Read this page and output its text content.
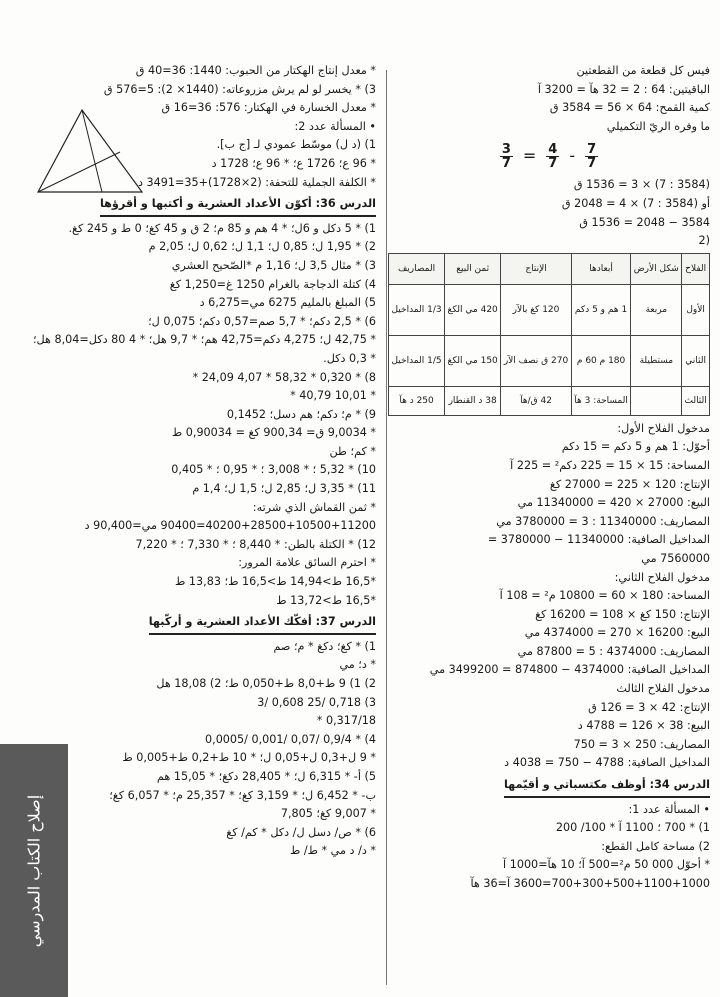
فيس كل قطعة من القطعتين
الباقيتين: 64 : 2 = 32 هآ = 3200 آ
كمية القمح: 64 × 56 = 3584 ق
ما وفره الريّ التكميلي
$\frac{3}{7} = \frac{4}{7} - \frac{7}{7}$
(3584 : 7) × 3 = 1536 ق
أو (3584 : 7) × 4 = 2048 ق
3584 − 2048 = 1536 ق
(2
الفلاح	شكل الأرض	أبعادها	الإنتاج	ثمن البيع	المصاريف
الأول	مربعة	1 هم و 5 دكم	120 كغ بالآر	420 مي الكغ	1/3 المداخيل
الثاني	مستطيلة	180 م 60 م	270 ق نصف الآر	150 مي الكغ	1/5 المداخيل
الثالث		المساحة: 3 هآ	42 ق/هآ	38 د القنطار	250 د هآ
مدخول الفلاح الأول:
أحوّل: 1 هم و 5 دكم = 15 دكم
المساحة: 15 × 15 = 225 دكم² = 225 آ
الإنتاج: 120 × 225 = 27000 كغ
البيع: 27000 × 420 = 11340000 مي
المصاريف: 11340000 : 3 = 3780000 مي
المداخيل الصافية: 11340000 − 3780000 =
7560000 مي
مدخول الفلاح الثاني:
المساحة: 180 × 60 = 10800 م² = 108 آ
الإنتاج: 150 كغ × 108 = 16200 كغ
البيع: 16200 × 270 = 4374000 مي
المصاريف: 4374000 : 5 = 87800 مي
المداخيل الصافية: 4374000 − 874800 = 3499200 مي
مدخول الفلاح الثالث
الإنتاج: 42 × 3 = 126 ق
البيع: 38 × 126 = 4788 د
المصاريف: 250 × 3 = 750
المداخيل الصافية: 4788 − 750 = 4038 د
الدرس 34: أوظف مكتسباتي و أقيّمها
• المسألة عدد 1:
1) * 700 ؛ 1100 آ * 100/ 200
2) مساحة كامل القطع:
* أحوّل 000 50 م²=500 آ؛ 10 هآ=1000 آ
700+300+500+1100+1000=3600 آ=36 هآ
* معدل إنتاج الهكتار من الحبوب: 1440: 36=40 ق
3) * يخسر لو لم يرش مزروعاته: (1440× 2): 5=576 ق
* معدل الخسارة في الهكتار: 576: 36=16 ق
• المسألة عدد 2:
1) (د ل) موسّط عمودي لـ [ج ب].
* 96 ع؛ 1726 ع؛ * 96 ع؛ 1728 د
* الكلفة الجملية للتحفة: (2×1728)+35=3491 د
الدرس 36: أكوّن الأعداد العشرية و أكتبها و أقرؤها
1) * 5 دكل و 6ل؛ * 4 هم و 85 م؛ 2 ق و 45 كغ؛ 0 ط و 245 كغ.
2) * 1,95 ل؛ 0,85 ل؛ 1,1 ل؛ 0,62 ل؛ 2,05 م
3) * مثال 3,5 ل؛ 1,16 م *الصّحيح العشري
4) كتلة الدجاجة بالغرام 1250 غ=1,250 كغ
5) المبلغ بالمليم 6275 مي=6,275 د
6) * 2,5 دكم؛ * 5,7 صم=0,57 دكم؛ 0,075 ل؛
* 42,75 ل؛ 4,275 دكم=42,75 هم؛ * 9,7 هل؛ * 4 80 دكل=8,04 هل؛
* 0,3 دكل.
8) * 0,320 * 58,32 * 4,07 24,09 *
* 10,01 40,79 *
9) * م؛ دكم؛ هم دسل؛ 0,1452
* 9,0034 ق= 900,34 كغ = 0,90034 ط
* كم؛ طن
10) * 5,32 ؛ * 3,008 ؛ * 0,95 ؛ * 0,405
11) * 3,35 ل؛ 2,85 ل؛ 1,5 ل؛ 1,4 م
* ثمن القماش الذي شرته:
40200+28500+10500+11200=90400 مي=90,400 د
12) * الكتلة بالطن: * 8,440 ؛ * 7,330 ؛ * 7,220
* احترم السائق علامة المرور:
*16,5 ط>14,94 ط>16,5 ط؛ 13,83 ط
*16,5 ط>13,72 ط
الدرس 37: أفكّك الأعداد العشرية و أركّبها
1) * كغ؛ دكغ * م؛ صم
* د؛ مي
2) 1) 9 ط+8,0 ط+0,050 ط؛ 2) 18,08 هل
3) 0,718 /25 0,608 /3
0,317/18 *
4) * 0,9/4 /0,07 /0,001 /0,0005
* 9 ل+0,3 ل+0,05 ل؛ * 10 ط+0,2 ط+0,005 ط
5) أ- * 6,315 ل؛ * 28,405 دكغ؛ * 15,05 هم
ب- * 6,452 ل؛ * 3,159 كغ؛ * 25,357 م؛ * 6,057 كغ؛
* 9,007 كغ؛ 7,805
6) * ص/ دسل ل/ دكل * كم/ كغ
* د/ د مي * ط/ ط
إصلاح الكتاب المدرسي
